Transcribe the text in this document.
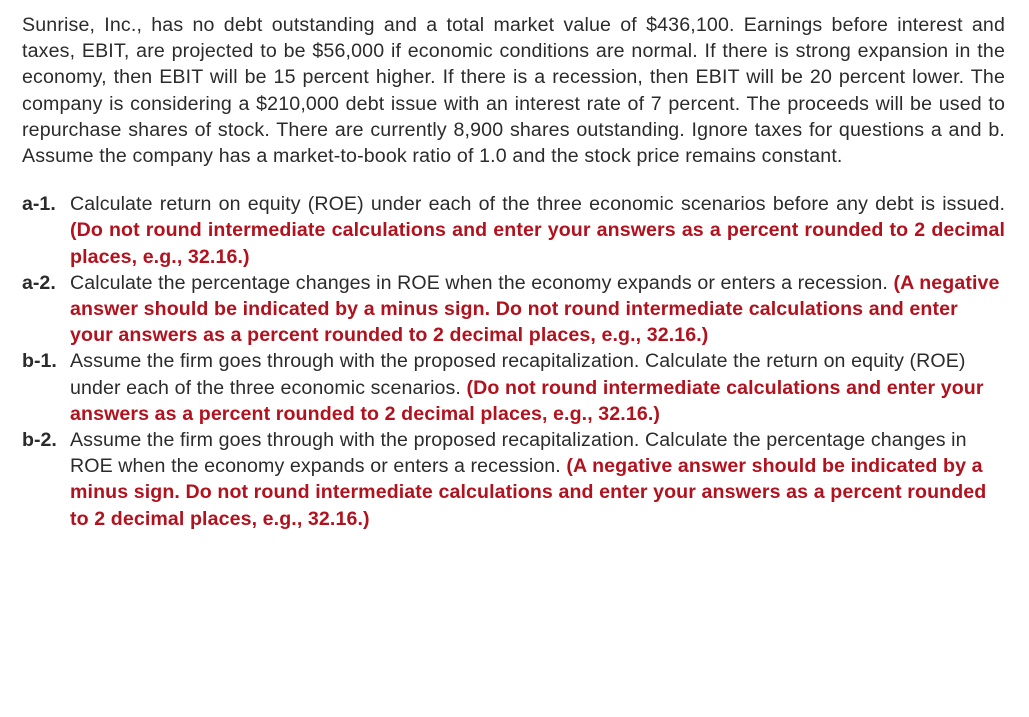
Sunrise, Inc., has no debt outstanding and a total market value of $436,100. Earnings before interest and taxes, EBIT, are projected to be $56,000 if economic conditions are normal. If there is strong expansion in the economy, then EBIT will be 15 percent higher. If there is a recession, then EBIT will be 20 percent lower. The company is considering a $210,000 debt issue with an interest rate of 7 percent. The proceeds will be used to repurchase shares of stock. There are currently 8,900 shares outstanding. Ignore taxes for questions a and b. Assume the company has a market-to-book ratio of 1.0 and the stock price remains constant.

a-1. Calculate return on equity (ROE) under each of the three economic scenarios before any debt is issued. (Do not round intermediate calculations and enter your answers as a percent rounded to 2 decimal places, e.g., 32.16.)
a-2. Calculate the percentage changes in ROE when the economy expands or enters a recession. (A negative answer should be indicated by a minus sign. Do not round intermediate calculations and enter your answers as a percent rounded to 2 decimal places, e.g., 32.16.)
b-1. Assume the firm goes through with the proposed recapitalization. Calculate the return on equity (ROE) under each of the three economic scenarios. (Do not round intermediate calculations and enter your answers as a percent rounded to 2 decimal places, e.g., 32.16.)
b-2. Assume the firm goes through with the proposed recapitalization. Calculate the percentage changes in ROE when the economy expands or enters a recession. (A negative answer should be indicated by a minus sign. Do not round intermediate calculations and enter your answers as a percent rounded to 2 decimal places, e.g., 32.16.)
